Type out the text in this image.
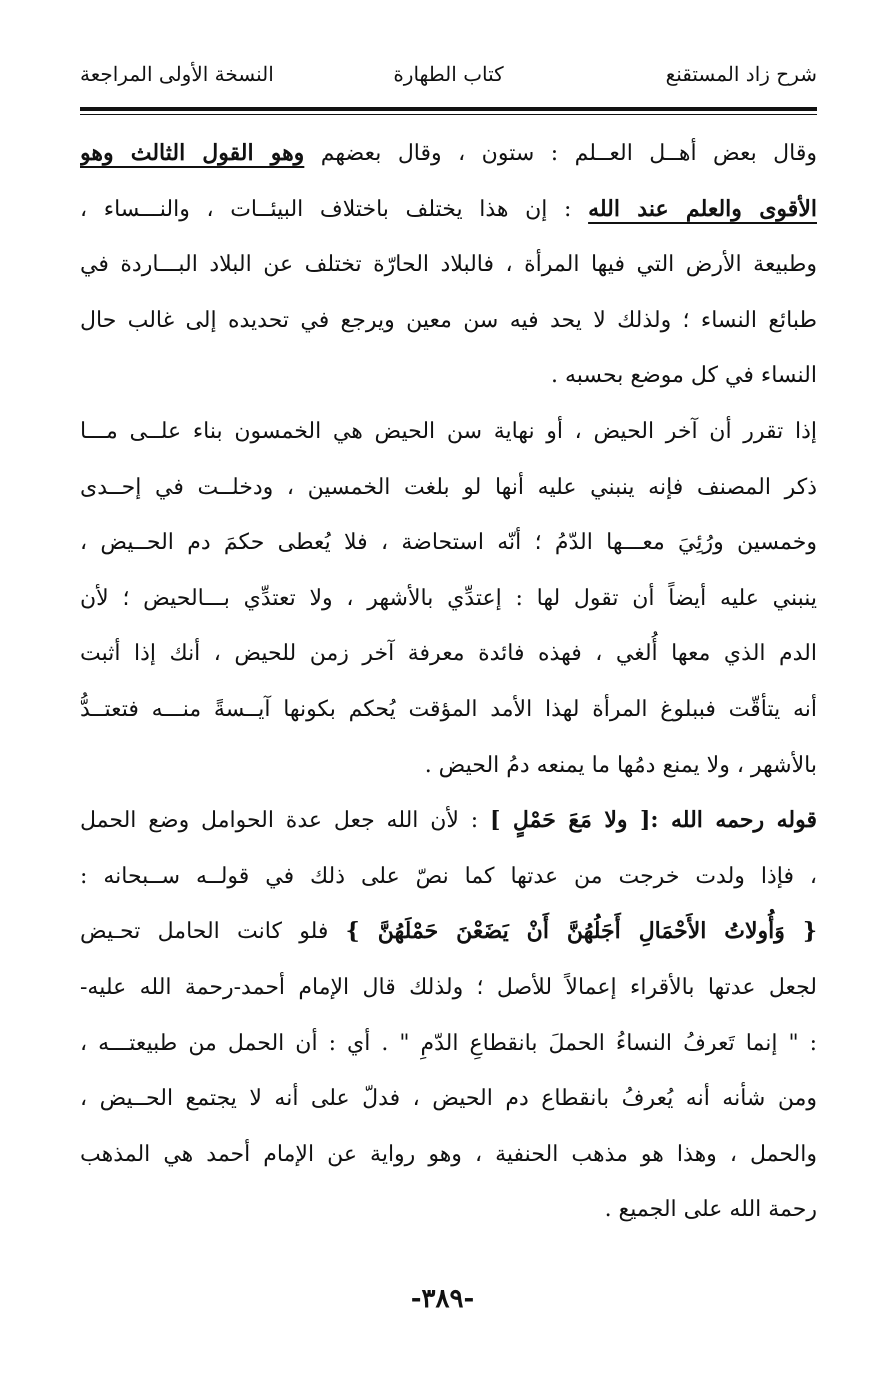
شرح زاد المستقنع
كتاب الطهارة
النسخة الأولى المراجعة
وقال بعض أهــل العــلم : ستون ، وقال بعضهم وهو القول الثالث وهو
الأقوى والعلم عند الله : إن هذا يختلف باختلاف البيئــات ، والنـــساء ،
وطبيعة الأرض التي فيها المرأة ، فالبلاد الحارّة تختلف عن البلاد البـــاردة في
طبائع النساء ؛ ولذلك لا يحد فيه سن معين ويرجع في تحديده إلى غالب حال
النساء في كل موضع بحسبه .
إذا تقرر أن آخر الحيض ، أو نهاية سن الحيض هي الخمسون بناء علــى مـــا
ذكر المصنف فإنه ينبني عليه أنها لو بلغت الخمسين ، ودخلــت في إحــدى
وخمسين ورُئِيَ معـــها الدّمُ ؛ أنّه استحاضة ، فلا يُعطى حكمَ دم الحــيض ،
ينبني عليه أيضاً أن تقول لها : إعتدِّي بالأشهر ، ولا تعتدِّي بـــالحيض ؛ لأن
الدم الذي معها أُلغي ، فهذه فائدة معرفة آخر زمن للحيض ، أنك إذا أثبت
أنه يتأقّت فببلوغ المرأة لهذا الأمد المؤقت يُحكم بكونها آيــسةً منـــه فتعتــدُّ
بالأشهر ، ولا يمنع دمُها ما يمنعه دمُ الحيض .
قوله رحمه الله :[ ولا مَعَ حَمْلٍ ] : لأن الله جعل عدة الحوامل وضع الحمل
، فإذا ولدت خرجت من عدتها كما نصّ على ذلك في قولــه ســبحانه :
{ وَأُولاتُ الأَحْمَالِ أَجَلُهُنَّ أَنْ يَضَعْنَ حَمْلَهُنَّ } فلو كانت الحامل تحـيض
لجعل عدتها بالأقراء إعمالاً للأصل ؛ ولذلك قال الإمام أحمد-رحمة الله عليه-
: " إنما تَعرفُ النساءُ الحملَ بانقطاعِ الدّمِ " . أي : أن الحمل من طبيعتـــه ،
ومن شأنه أنه يُعرفُ بانقطاع دم الحيض ، فدلّ على أنه لا يجتمع الحــيض ،
والحمل ، وهذا هو مذهب الحنفية ، وهو رواية عن الإمام أحمد هي المذهب
رحمة الله على الجميع .
-٣٨٩-
